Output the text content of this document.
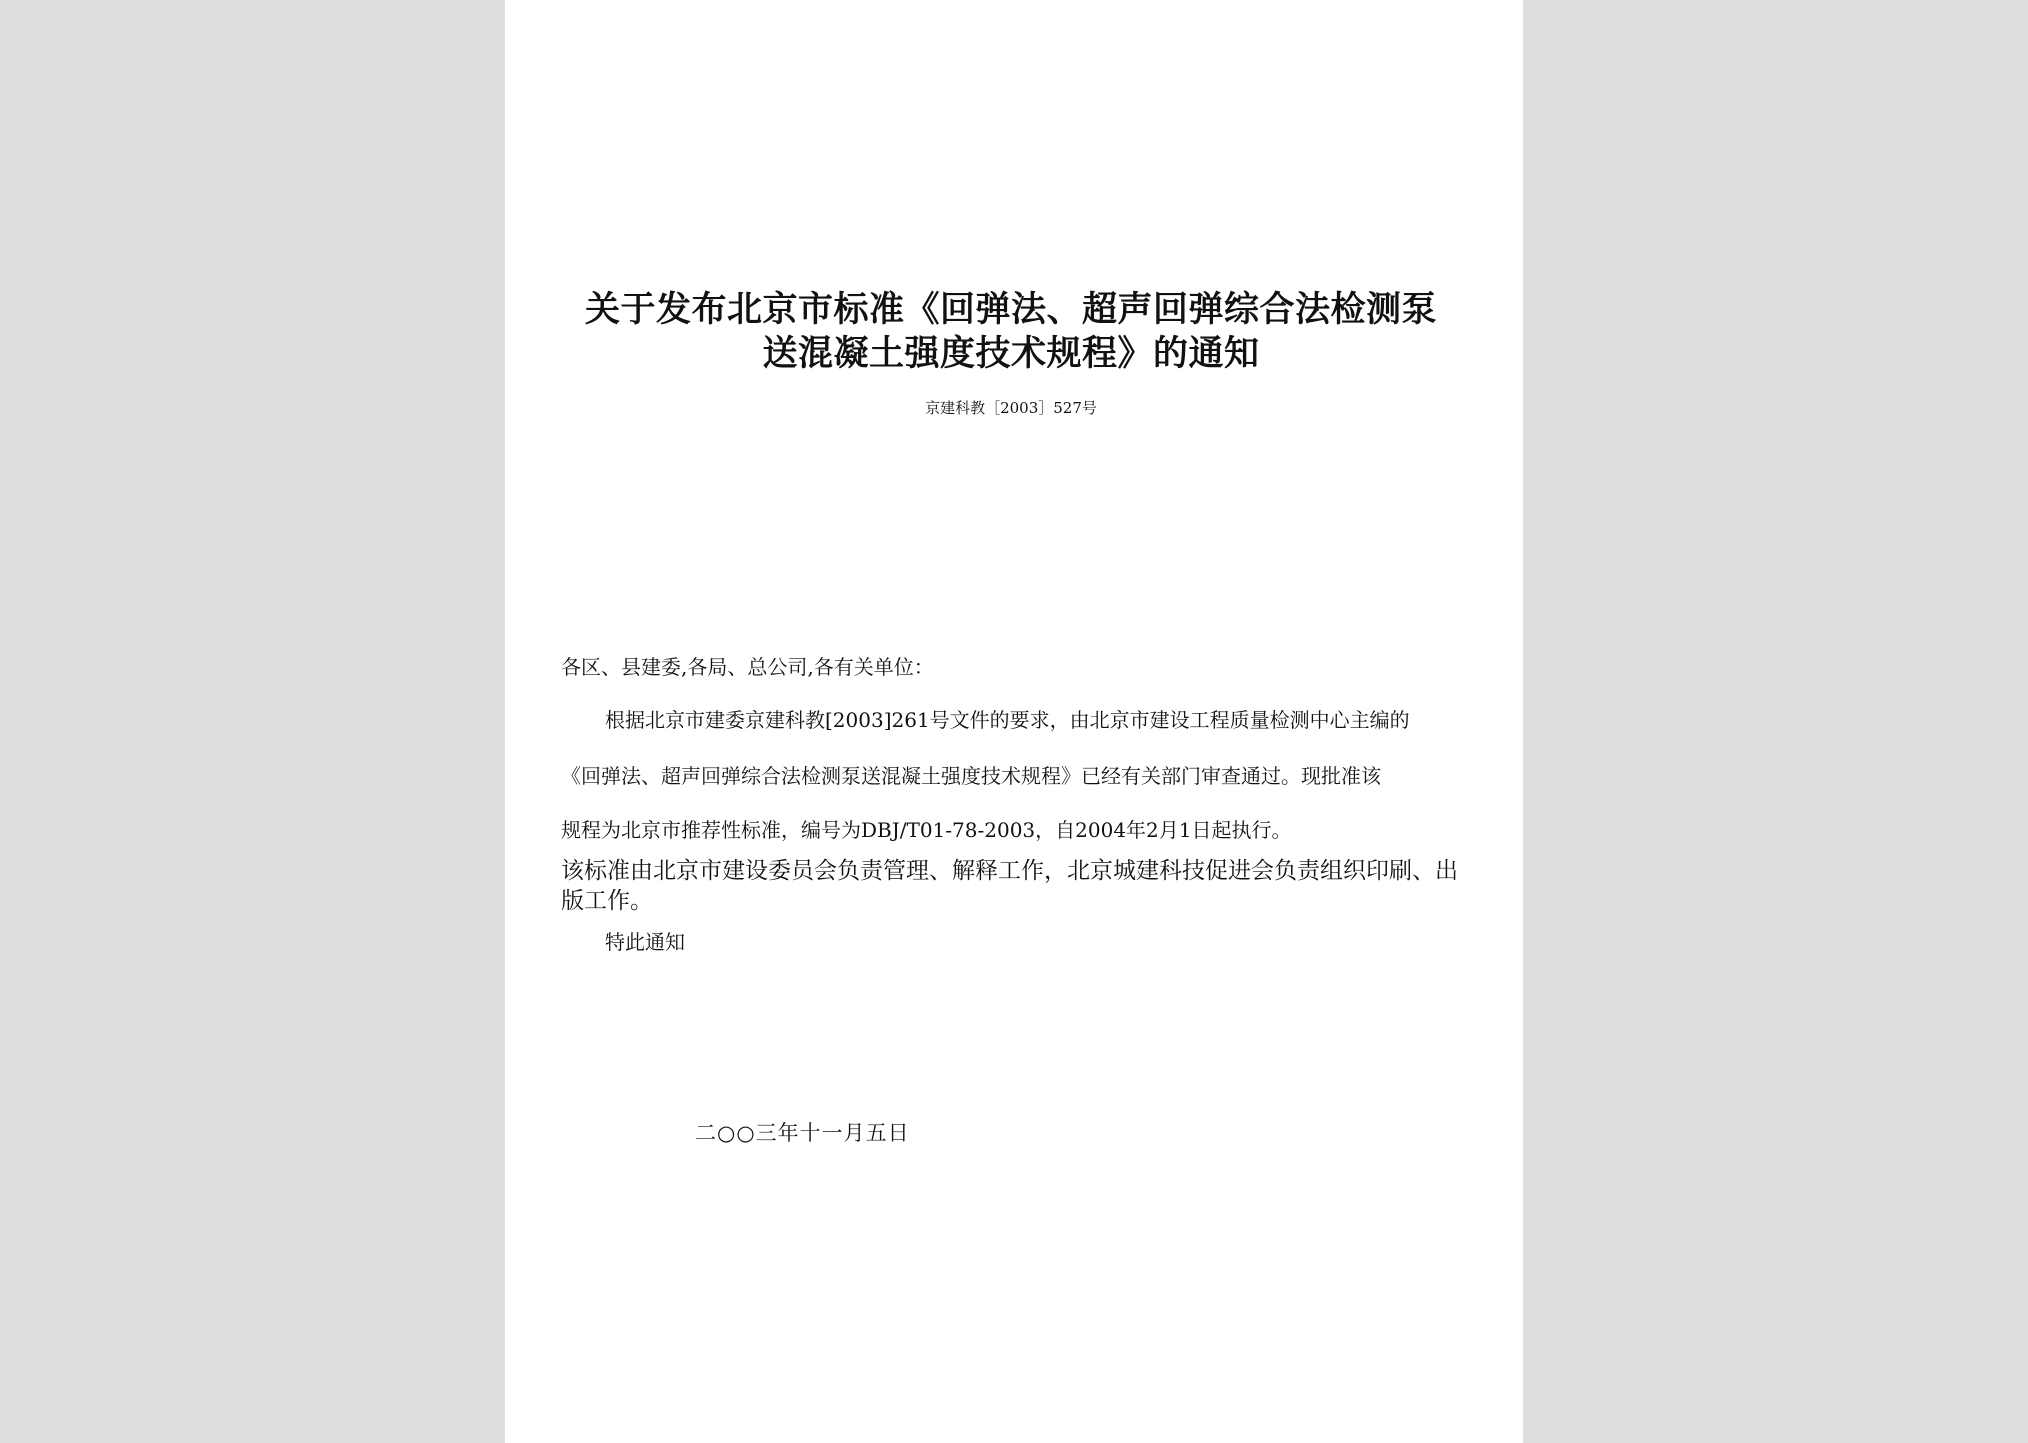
关于发布北京市标准《回弹法、超声回弹综合法检测泵
送混凝土强度技术规程》的通知
京建科教［2003］527号
各区、县建委,各局、总公司,各有关单位：
根据北京市建委京建科教[2003]261号文件的要求，由北京市建设工程质量检测中心主编的
《回弹法、超声回弹综合法检测泵送混凝土强度技术规程》已经有关部门审查通过。现批准该
规程为北京市推荐性标准，编号为DBJ/T01-78-2003，自2004年2月1日起执行。
该标准由北京市建设委员会负责管理、解释工作，北京城建科技促进会负责组织印刷、出版工作。
特此通知
二○○三年十一月五日
